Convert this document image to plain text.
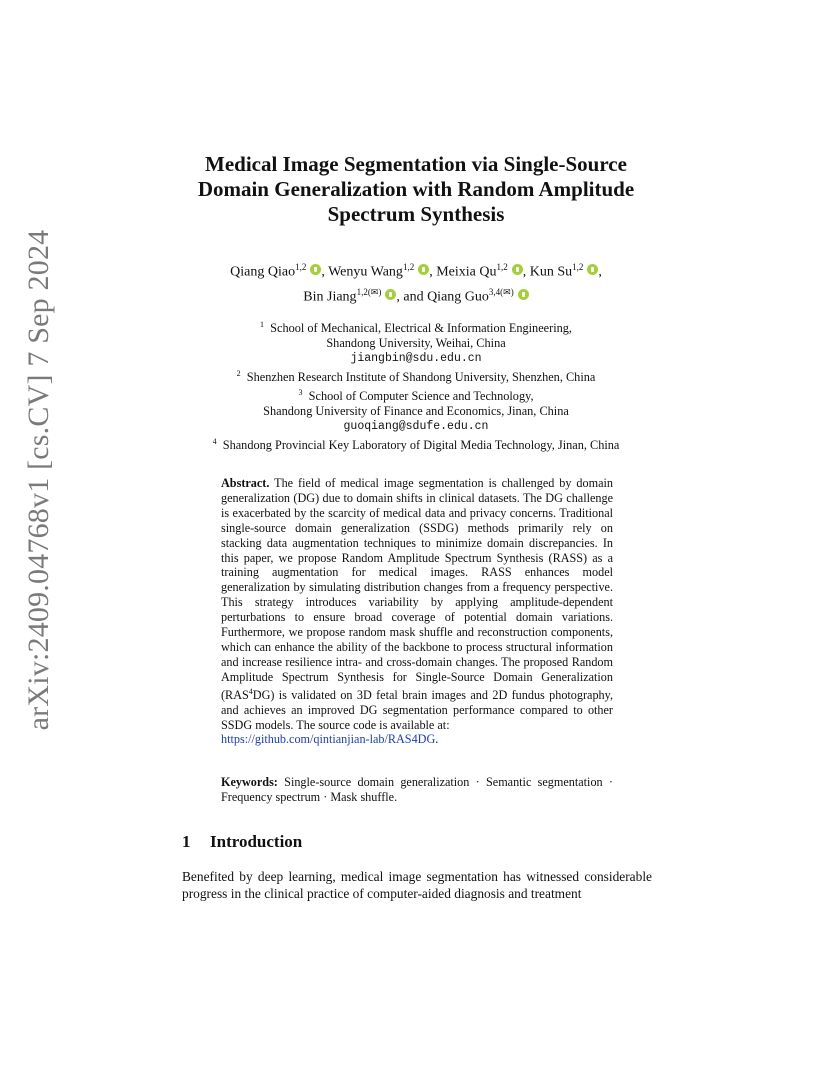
arXiv:2409.04768v1 [cs.CV] 7 Sep 2024
Medical Image Segmentation via Single-Source
Domain Generalization with Random Amplitude
Spectrum Synthesis
Qiang Qiao$^{1,2}$ , Wenyu Wang$^{1,2}$ , Meixia Qu$^{1,2}$ , Kun Su$^{1,2}$ ,
Bin Jiang$^{1,2(✉)}$ , and Qiang Guo$^{3,4(✉)}$
$^1$ School of Mechanical, Electrical & Information Engineering,
Shandong University, Weihai, China
jiangbin@sdu.edu.cn
$^2$ Shenzhen Research Institute of Shandong University, Shenzhen, China
$^3$ School of Computer Science and Technology,
Shandong University of Finance and Economics, Jinan, China
guoqiang@sdufe.edu.cn
$^4$ Shandong Provincial Key Laboratory of Digital Media Technology, Jinan, China
Abstract. The field of medical image segmentation is challenged by domain generalization (DG) due to domain shifts in clinical datasets. The DG challenge is exacerbated by the scarcity of medical data and privacy concerns. Traditional single-source domain generalization (SSDG) methods primarily rely on stacking data augmentation techniques to minimize domain discrepancies. In this paper, we propose Random Amplitude Spectrum Synthesis (RASS) as a training augmentation for medical images. RASS enhances model generalization by simulating distribution changes from a frequency perspective. This strategy introduces variability by applying amplitude-dependent perturbations to ensure broad coverage of potential domain variations. Furthermore, we propose random mask shuffle and reconstruction components, which can enhance the ability of the backbone to process structural information and increase resilience intra- and cross-domain changes. The proposed Random Amplitude Spectrum Synthesis for Single-Source Domain Generalization (RAS$^4$DG) is validated on 3D fetal brain images and 2D fundus photography, and achieves an improved DG segmentation performance compared to other SSDG models. The source code is available at:
https://github.com/qintianjian-lab/RAS4DG.
Keywords: Single-source domain generalization · Semantic segmentation · Frequency spectrum · Mask shuffle.
1 Introduction
Benefited by deep learning, medical image segmentation has witnessed considerable progress in the clinical practice of computer-aided diagnosis and treatment
